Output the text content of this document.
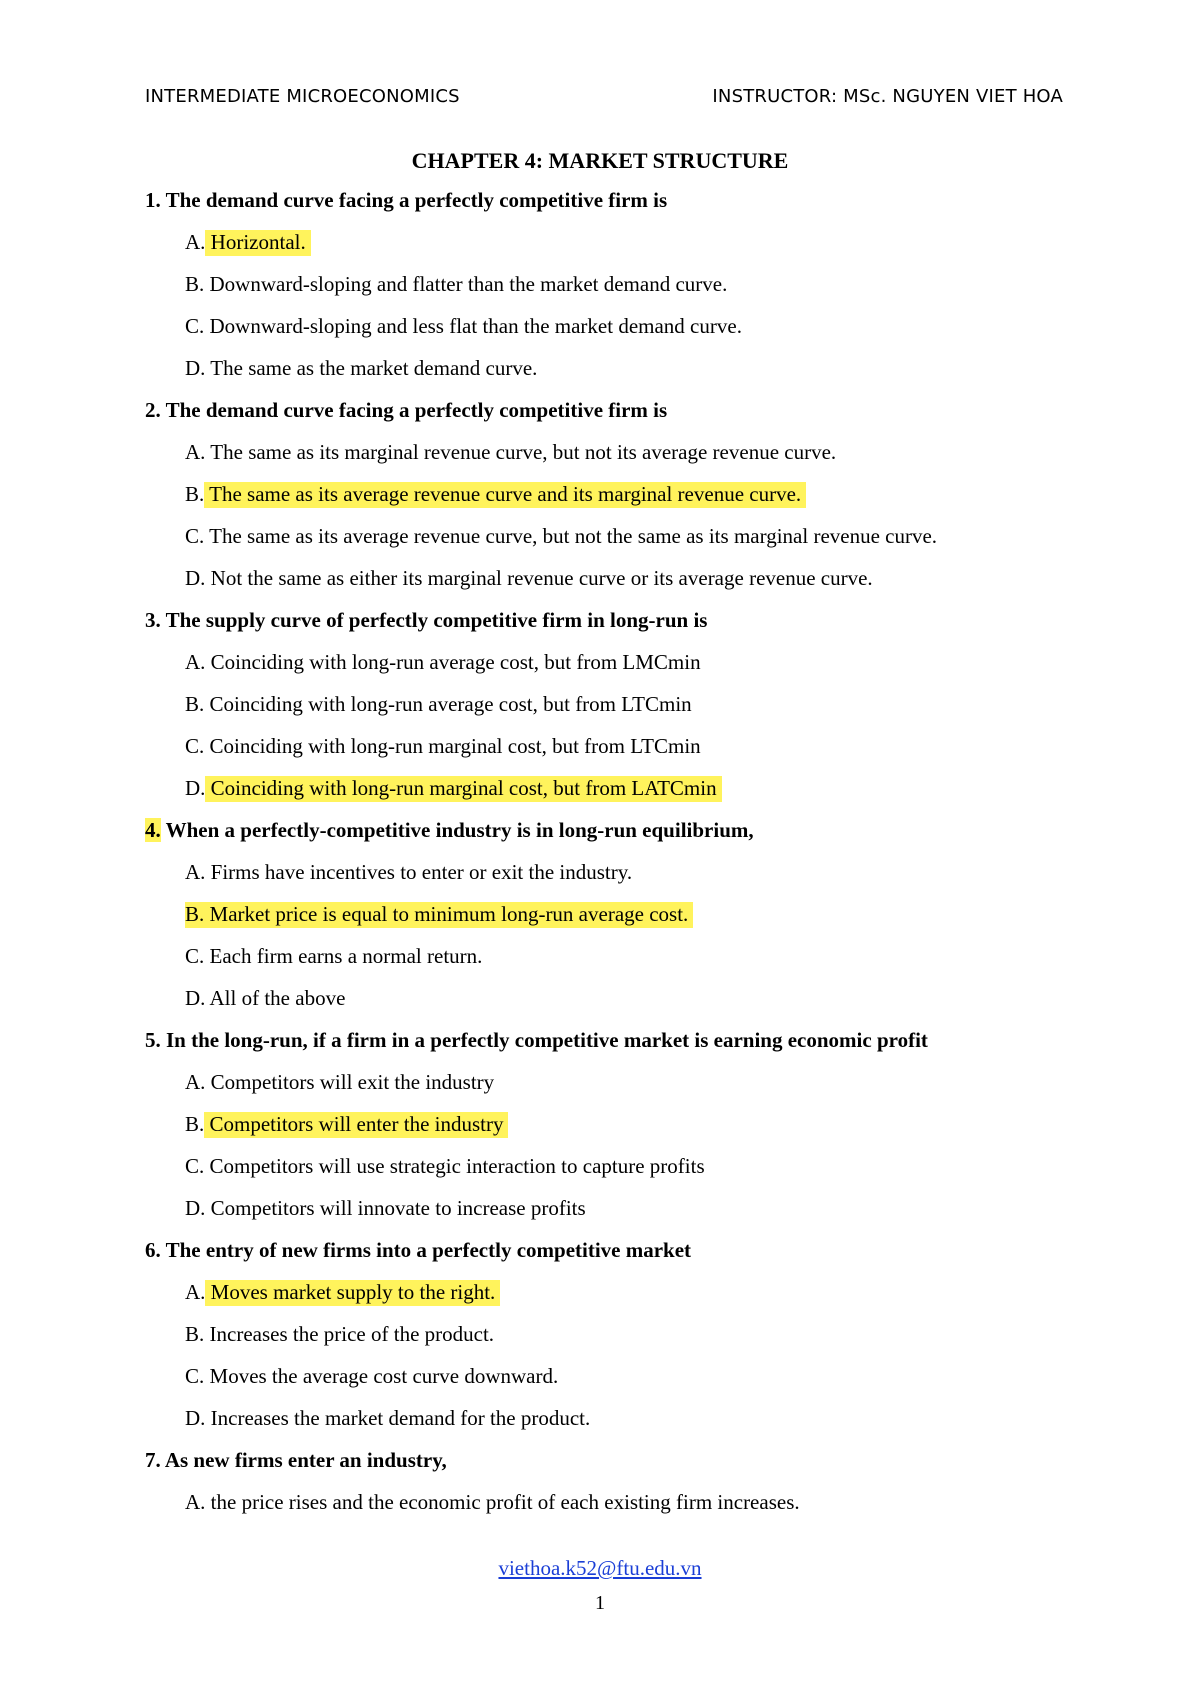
INTERMEDIATE MICROECONOMICS	INSTRUCTOR: MSc. NGUYEN VIET HOA
CHAPTER 4: MARKET STRUCTURE
1. The demand curve facing a perfectly competitive firm is
A. Horizontal.
B. Downward-sloping and flatter than the market demand curve.
C. Downward-sloping and less flat than the market demand curve.
D. The same as the market demand curve.
2. The demand curve facing a perfectly competitive firm is
A. The same as its marginal revenue curve, but not its average revenue curve.
B. The same as its average revenue curve and its marginal revenue curve.
C. The same as its average revenue curve, but not the same as its marginal revenue curve.
D. Not the same as either its marginal revenue curve or its average revenue curve.
3. The supply curve of perfectly competitive firm in long-run is
A. Coinciding with long-run average cost, but from LMCmin
B. Coinciding with long-run average cost, but from LTCmin
C. Coinciding with long-run marginal cost, but from LTCmin
D. Coinciding with long-run marginal cost, but from LATCmin
4. When a perfectly-competitive industry is in long-run equilibrium,
A. Firms have incentives to enter or exit the industry.
B. Market price is equal to minimum long-run average cost.
C. Each firm earns a normal return.
D. All of the above
5. In the long-run, if a firm in a perfectly competitive market is earning economic profit
A. Competitors will exit the industry
B. Competitors will enter the industry
C. Competitors will use strategic interaction to capture profits
D. Competitors will innovate to increase profits
6. The entry of new firms into a perfectly competitive market
A. Moves market supply to the right.
B. Increases the price of the product.
C. Moves the average cost curve downward.
D. Increases the market demand for the product.
7. As new firms enter an industry,
A. the price rises and the economic profit of each existing firm increases.
viethoa.k52@ftu.edu.vn
1
